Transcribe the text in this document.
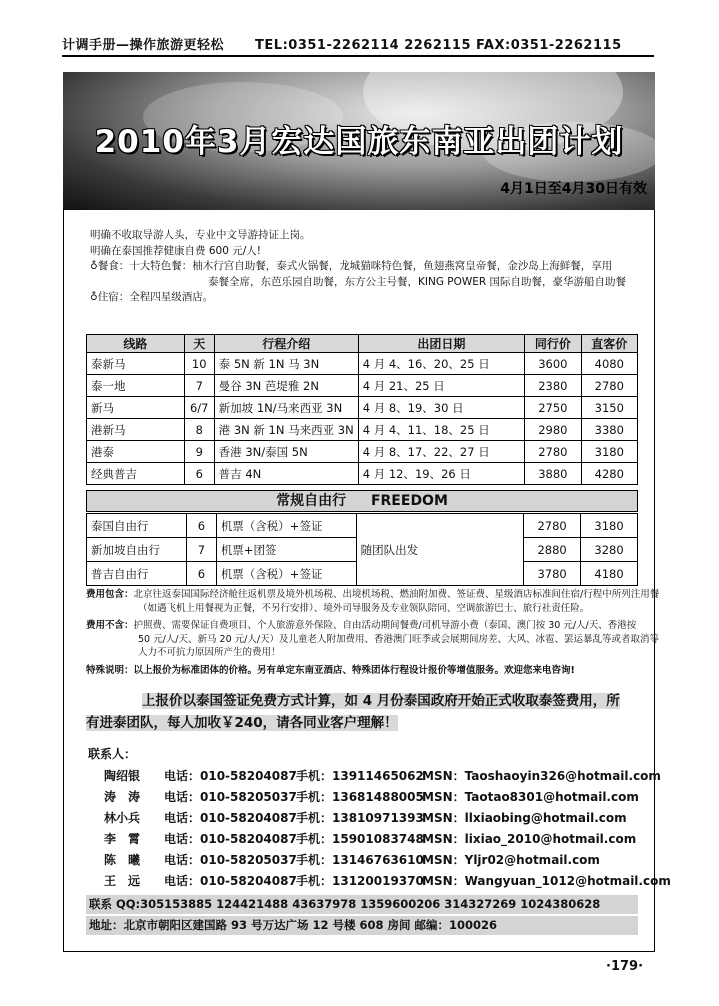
计调手册—操作旅游更轻松 TEL:0351-2262114 2262115 FAX:0351-2262115
2010年3月宏达国旅东南亚出团计划
4月1日至4月30日有效
明确不收取导游人头，专业中文导游持证上岗。
明确在泰国推荐健康自费 600 元/人!
♁餐食：十大特色餐：柚木行宫自助餐，泰式火锅餐，龙城猫咪特色餐，鱼翅燕窝皇帝餐，金沙岛上海鲜餐，享用
泰餐全席，东芭乐园自助餐，东方公主号餐，KING POWER 国际自助餐，豪华游船自助餐
♁住宿：全程四星级酒店。
线路	天	行程介绍	出团日期	同行价	直客价
泰新马	10	泰 5N 新 1N 马 3N	4 月 4、16、20、25 日	3600	4080
泰一地	7	曼谷 3N 芭堤雅 2N	4 月 21、25 日	2380	2780
新马	6/7	新加坡 1N/马来西亚 3N	4 月 8、19、30 日	2750	3150
港新马	8	港 3N 新 1N 马来西亚 3N	4 月 4、11、18、25 日	2980	3380
港泰	9	香港 3N/泰国 5N	4 月 8、17、22、27 日	2780	3180
经典普吉	6	普吉 4N	4 月 12、19、26 日	3880	4280
常规自由行 FREEDOM
泰国自由行	6	机票（含税）+签证	随团队出发	2780	3180
新加坡自由行	7	机票+团签		2880	3280
普吉自由行	6	机票（含税）+签证		3780	4180
费用包含：北京往返泰国国际经济舱往返机票及境外机场税、出境机场税、燃油附加费、签证费、星级酒店标准间住宿/行程中所列注用餐
（如遇飞机上用餐视为正餐，不另行安排）、境外司导服务及专业领队陪同、空调旅游巴士、旅行社责任险。
费用不含：护照费、需要保证自费项目、个人旅游意外保险、自由活动期间餐费/司机导游小费（泰国、澳门按 30 元/人/天、香港按
50 元/人/天、新马 20 元/人/天）及儿童老人附加费用、香港澳门旺季或会展期间房差、大风、冰雹、罢运暴乱等或者取消等
人力不可抗力原因所产生的费用！
特殊说明：以上报价为标准团体的价格。另有单定东南亚酒店、特殊团体行程设计报价等增值服务。欢迎您来电咨询!
上报价以泰国签证免费方式计算，如 4 月份泰国政府开始正式收取泰签费用，所
有进泰团队，每人加收￥240，请各同业客户理解！
联系人：
陶绍银 电话：010-58204087 手机：13911465062
MSN：Taoshaoyin326@hotmail.com
涛　涛 电话：010-58205037 手机：13681488005
MSN：Taotao8301@hotmail.com
林小兵 电话：010-58204087 手机：13810971393
MSN：llxiaobing@hotmail.com
李　霄 电话：010-58204087 手机：15901083748
MSN：lixiao_2010@hotmail.com
陈　曦 电话：010-58205037 手机：13146763610
MSN：Yljr02@hotmail.com
王　远 电话：010-58204087 手机：13120019370
MSN：Wangyuan_1012@hotmail.com
联系 QQ:305153885 124421488 43637978 1359600206 314327269 1024380628
地址：北京市朝阳区建国路 93 号万达广场 12 号楼 608 房间 邮编：100026
·179·
